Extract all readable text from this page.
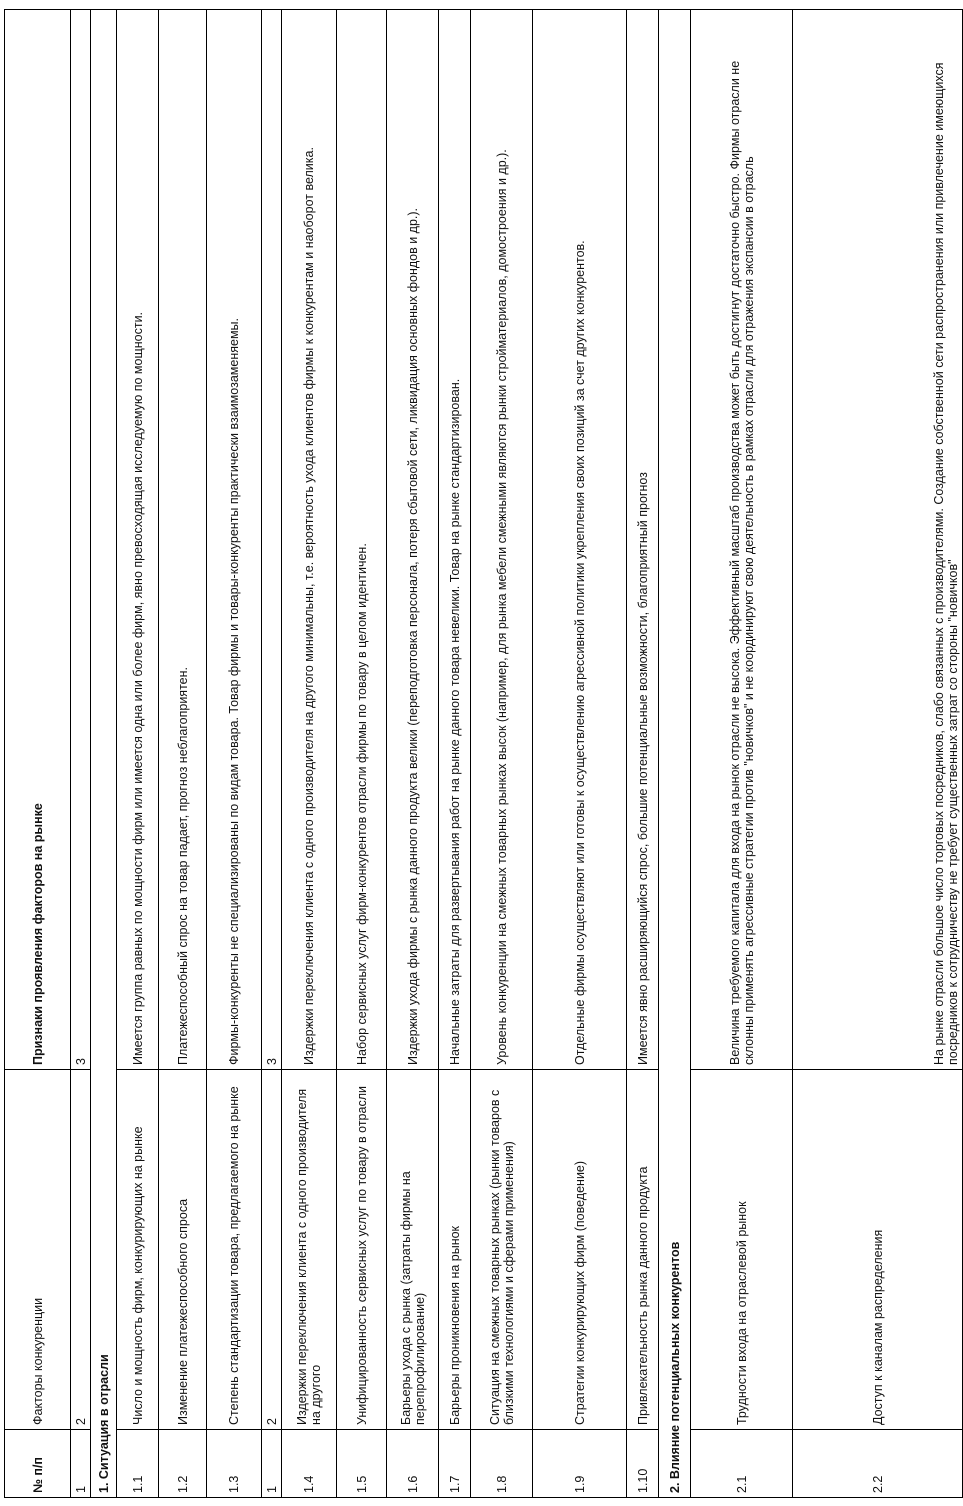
№ п/п	Факторы конкуренции	Признаки проявления факторов на рынке
1	2	3
1. Ситуация в отрасли		
1.1	Число и мощность фирм, конкурирующих на рынке	Имеется группа равных по мощности фирм или имеется одна или более фирм, явно превосходящая исследуемую по мощности.
1.2	Изменение платежеспособного спроса	Платежеспособный спрос на товар падает, прогноз неблагоприятен.
1.3	Степень стандартизации товара, предлагаемого на рынке	Фирмы-конкуренты не специализированы по видам товара. Товар фирмы и товары-конкуренты практически взаимозаменяемы.
1	2	3
1.4	Издержки переключения клиента с одного производителя на другого	Издержки переключения клиента с одного производителя на другого минимальны, т.е. вероятность ухода клиентов фирмы к конкурентам и наоборот велика.
1.5	Унифицированность сервисных услуг по товару в отрасли	Набор сервисных услуг фирм-конкурентов отрасли фирмы по товару в целом идентичен.
1.6	Барьеры ухода с рынка (затраты фирмы на перепрофилирование)	Издержки ухода фирмы с рынка данного продукта велики (переподготовка персонала, потеря сбытовой сети, ликвидация основных фондов и др.).
1.7	Барьеры проникновения на рынок	Начальные затраты для развертывания работ на рынке данного товара невелики. Товар на рынке стандартизирован.
1.8	Ситуация на смежных товарных рынках (рынки товаров с близкими технологиями и сферами применения)	Уровень конкуренции на смежных товарных рынках высок (например, для рынка мебели смежными являются рынки стройматериалов, домостроения и др.).
1.9	Стратегии конкурирующих фирм (поведение)	Отдельные фирмы осуществляют или готовы к осуществлению агрессивной политики укрепления своих позиций за счет других конкурентов.
1.10	Привлекательность рынка данного продукта	Имеется явно расширяющийся спрос, большие потенциальные возможности, благоприятный прогноз
2. Влияние потенциальных конкурентов		
2.1	Трудности входа на отраслевой рынок	Величина требуемого капитала для входа на рынок отрасли не высока. Эффективный масштаб производства может быть достигнут достаточно быстро. Фирмы отрасли не склонны применять агрессивные стратегии против "новичков" и не координируют свою деятельность в рамках отрасли для отражения экспансии в отрасль
2.2	Доступ к каналам распределения	На рынке отрасли большое число торговых посредников, слабо связанных с производителями. Создание собственной сети распространения или привлечение имеющихся посредников к сотрудничеству не требует существенных затрат со стороны "новичков"
